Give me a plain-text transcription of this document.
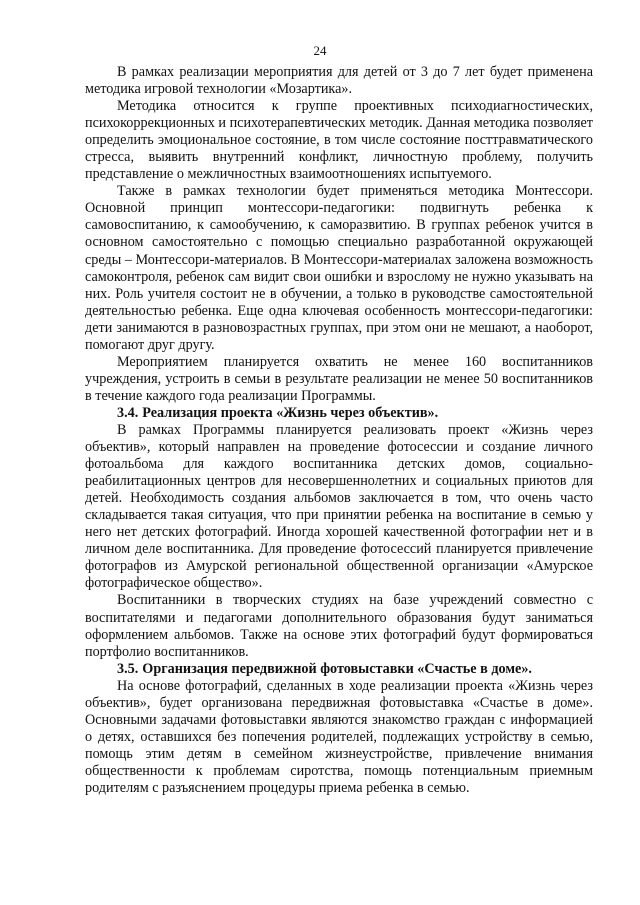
24

В рамках реализации мероприятия для детей от 3 до 7 лет будет применена методика игровой технологии «Мозартика».

Методика относится к группе проективных психодиагностических, психокоррекционных и психотерапевтических методик. Данная методика позволяет определить эмоциональное состояние, в том числе состояние посттравматического стресса, выявить внутренний конфликт, личностную проблему, получить представление о межличностных взаимоотношениях испытуемого.

Также в рамках технологии будет применяться методика Монтессори. Основной принцип монтессори-педагогики: подвигнуть ребенка к самовоспитанию, к самообучению, к саморазвитию. В группах ребенок учится в основном самостоятельно с помощью специально разработанной окружающей среды – Монтессори-материалов. В Монтессори-материалах заложена возможность самоконтроля, ребенок сам видит свои ошибки и взрослому не нужно указывать на них. Роль учителя состоит не в обучении, а только в руководстве самостоятельной деятельностью ребенка. Еще одна ключевая особенность монтессори-педагогики: дети занимаются в разновозрастных группах, при этом они не мешают, а наоборот, помогают друг другу.

Мероприятием планируется охватить не менее 160 воспитанников учреждения, устроить в семьи в результате реализации не менее 50 воспитанников в течение каждого года реализации Программы.

3.4. Реализация проекта «Жизнь через объектив».

В рамках Программы планируется реализовать проект «Жизнь через объектив», который направлен на проведение фотосессии и создание личного фотоальбома для каждого воспитанника детских домов, социально-реабилитационных центров для несовершеннолетних и социальных приютов для детей. Необходимость создания альбомов заключается в том, что очень часто складывается такая ситуация, что при принятии ребенка на воспитание в семью у него нет детских фотографий. Иногда хорошей качественной фотографии нет и в личном деле воспитанника. Для проведение фотосессий планируется привлечение фотографов из Амурской региональной общественной организации «Амурское фотографическое общество».

Воспитанники в творческих студиях на базе учреждений совместно с воспитателями и педагогами дополнительного образования будут заниматься оформлением альбомов. Также на основе этих фотографий будут формироваться портфолио воспитанников.

3.5. Организация передвижной фотовыставки «Счастье в доме».

На основе фотографий, сделанных в ходе реализации проекта «Жизнь через объектив», будет организована передвижная фотовыставка «Счастье в доме». Основными задачами фотовыставки являются знакомство граждан с информацией о детях, оставшихся без попечения родителей, подлежащих устройству в семью, помощь этим детям в семейном жизнеустройстве, привлечение внимания общественности к проблемам сиротства, помощь потенциальным приемным родителям с разъяснением процедуры приема ребенка в семью.
